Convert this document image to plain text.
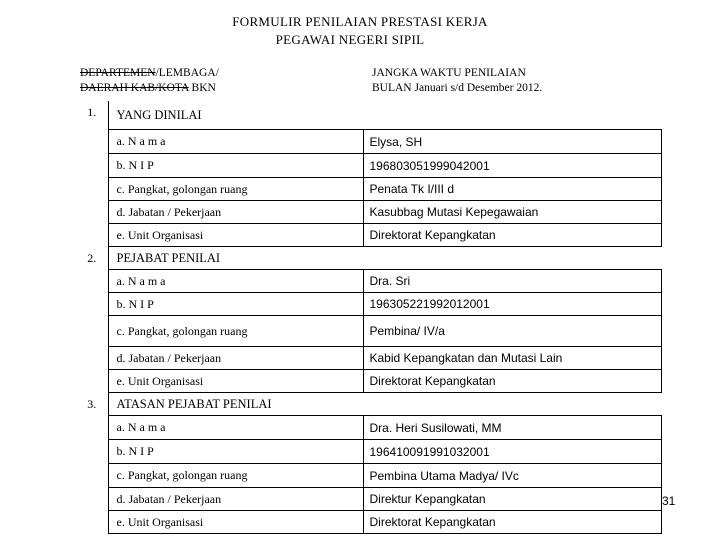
FORMULIR PENILAIAN PRESTASI KERJA
PEGAWAI NEGERI SIPIL
DEPARTEMEN/LEMBAGA/
DAERAH KAB/KOTA BKN
JANGKA WAKTU PENILAIAN
BULAN Januari s/d Desember 2012.
1.	YANG DINILAI	
	a. N a m a	Elysa, SH
	b. N I P	196803051999042001
	c. Pangkat, golongan ruang	Penata Tk I/III d
	d. Jabatan / Pekerjaan	Kasubbag Mutasi Kepegawaian
	e. Unit Organisasi	Direktorat Kepangkatan
2.	PEJABAT PENILAI	
	a. N a m a	Dra. Sri
	b. N I P	196305221992012001
	c. Pangkat, golongan ruang	Pembina/ IV/a
	d. Jabatan / Pekerjaan	Kabid Kepangkatan dan Mutasi Lain
	e. Unit Organisasi	Direktorat Kepangkatan
3.	ATASAN PEJABAT PENILAI	
	a. N a m a	Dra. Heri Susilowati, MM
	b. N I P	196410091991032001
	c. Pangkat, golongan ruang	Pembina Utama Madya/ IVc
	d. Jabatan / Pekerjaan	Direktur Kepangkatan
	e. Unit Organisasi	Direktorat Kepangkatan
31
